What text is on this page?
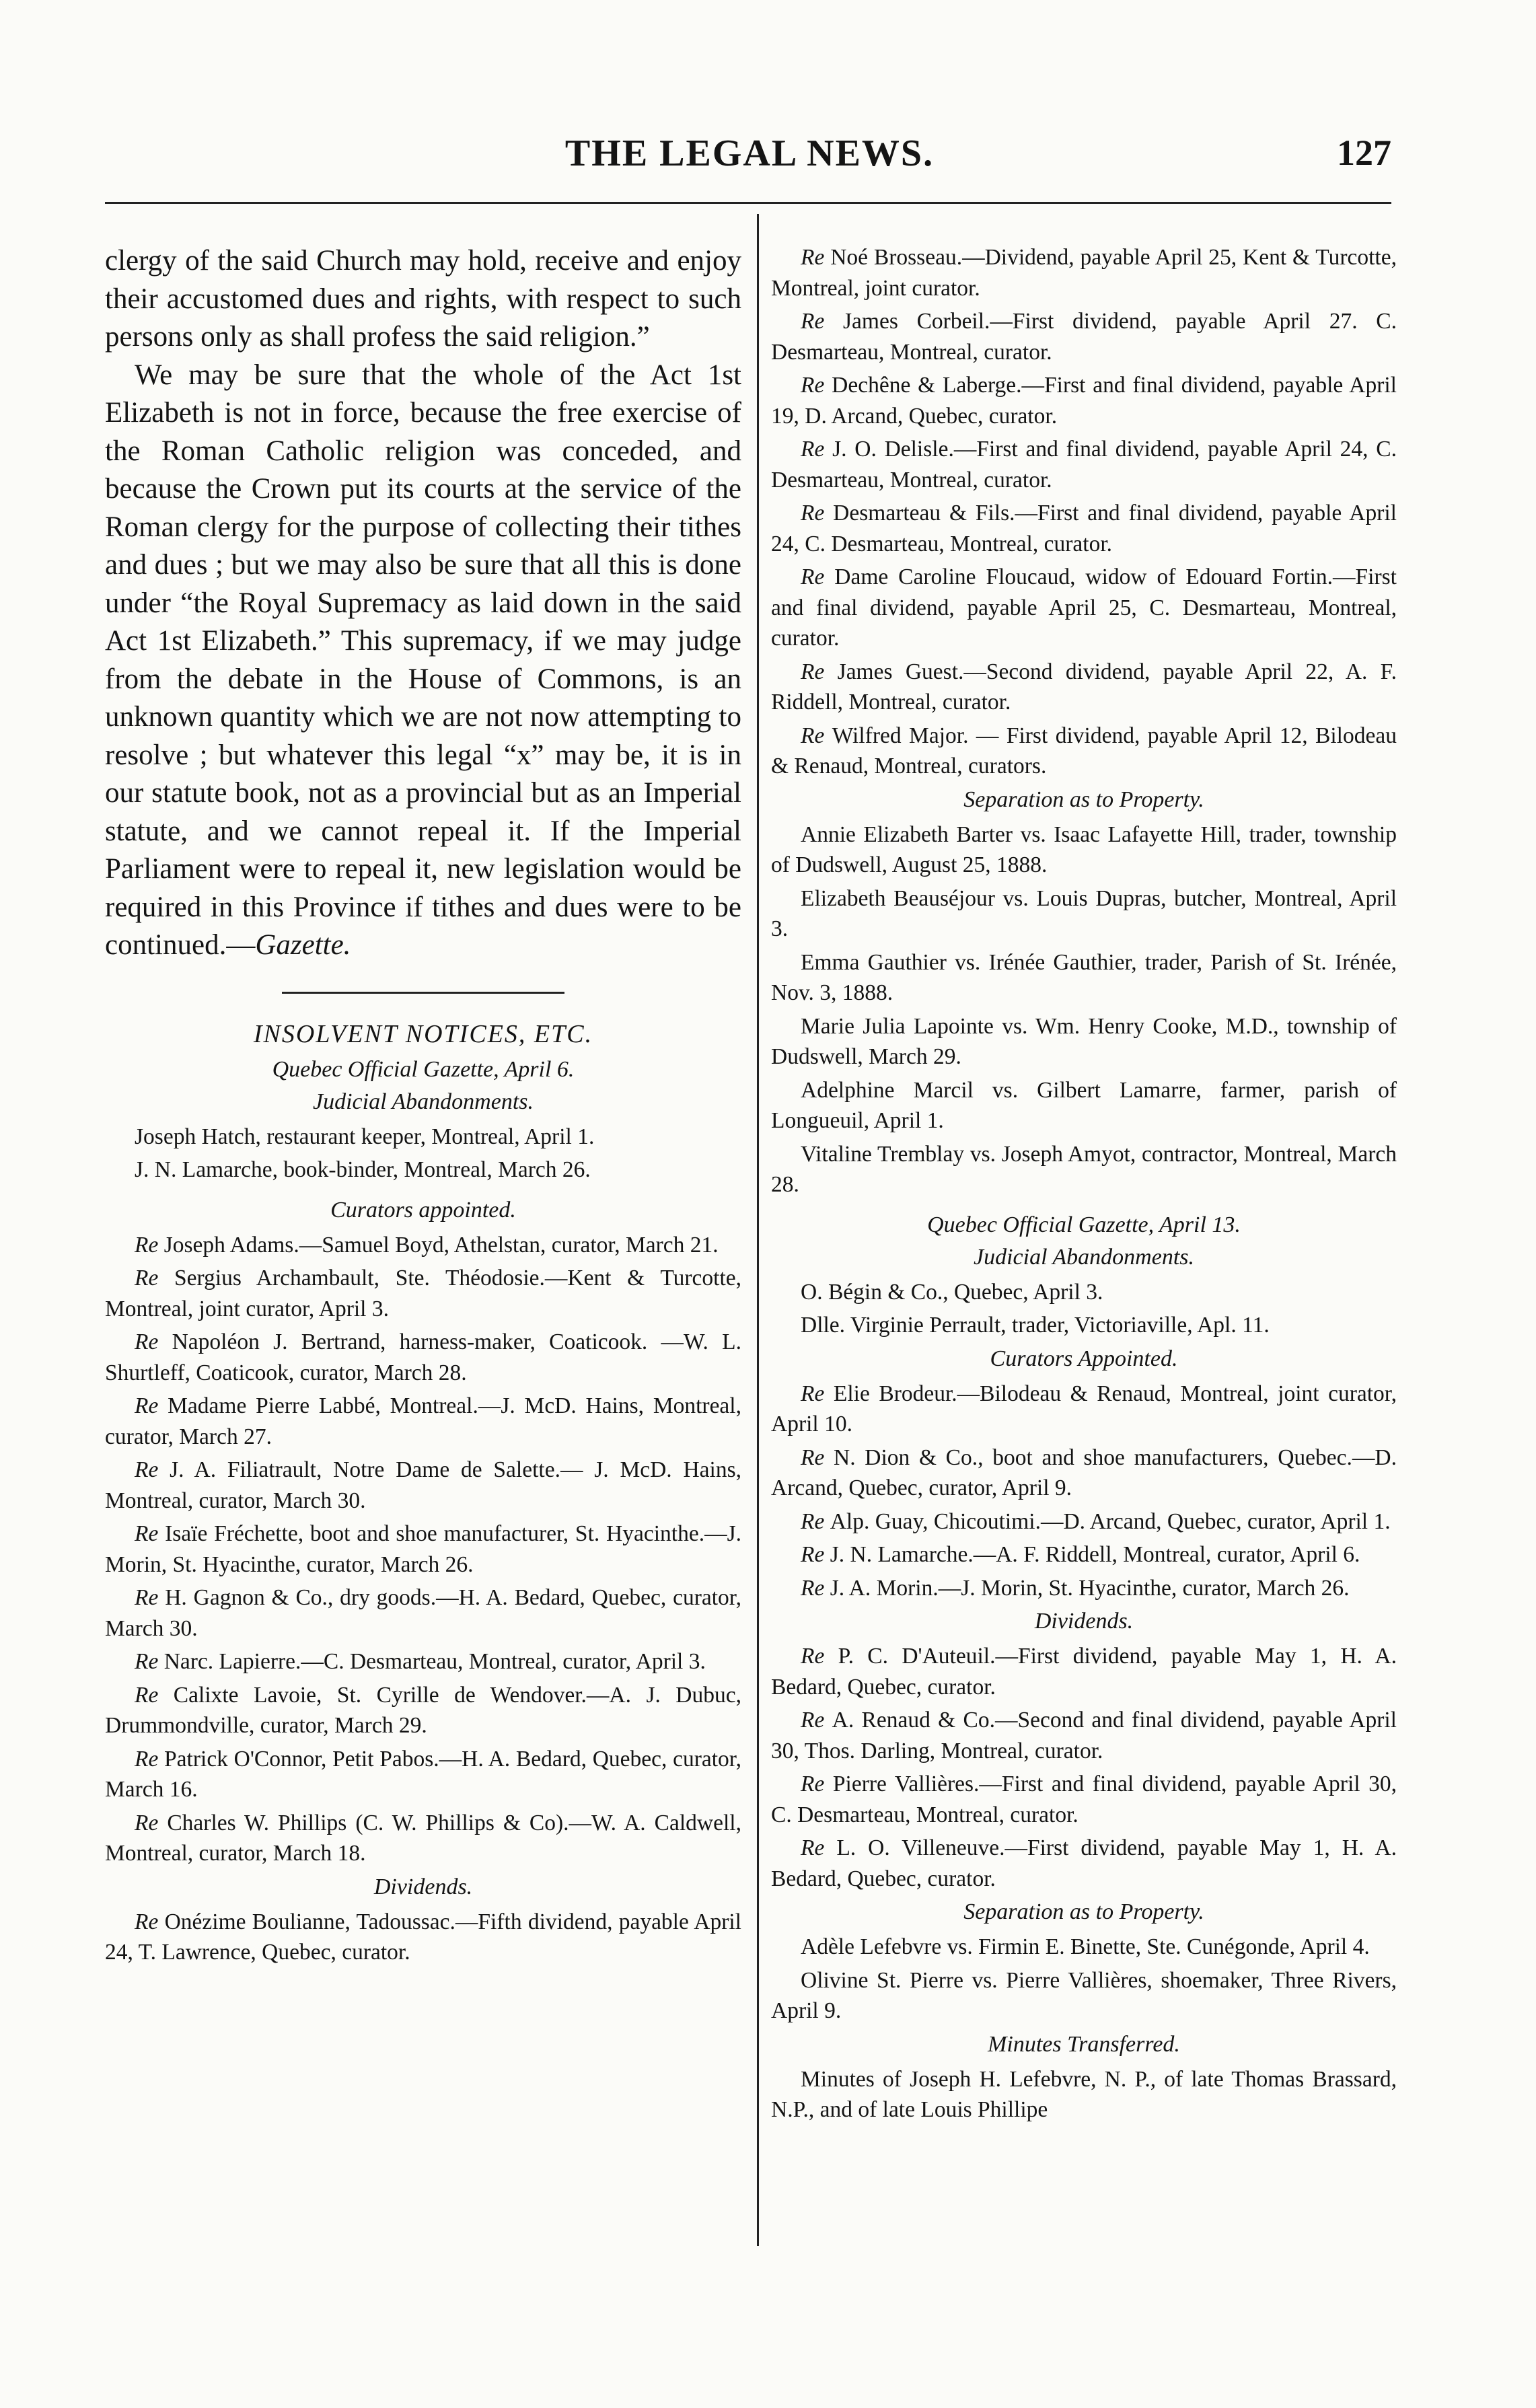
THE LEGAL NEWS.	127

clergy of the said Church may hold, receive and enjoy their accustomed dues and rights, with respect to such persons only as shall profess the said religion.”

We may be sure that the whole of the Act 1st Elizabeth is not in force, because the free exercise of the Roman Catholic religion was conceded, and because the Crown put its courts at the service of the Roman clergy for the purpose of collecting their tithes and dues ; but we may also be sure that all this is done under “the Royal Supremacy as laid down in the said Act 1st Elizabeth.” This supremacy, if we may judge from the debate in the House of Commons, is an unknown quantity which we are not now attempting to resolve ; but whatever this legal “x” may be, it is in our statute book, not as a provincial but as an Imperial statute, and we cannot repeal it. If the Imperial Parliament were to repeal it, new legislation would be required in this Province if tithes and dues were to be continued.—Gazette.

INSOLVENT NOTICES, ETC.
Quebec Official Gazette, April 6.
Judicial Abandonments.

Joseph Hatch, restaurant keeper, Montreal, April 1.

J. N. Lamarche, book-binder, Montreal, March 26.

Curators appointed.

Re Joseph Adams.—Samuel Boyd, Athelstan, curator, March 21.

Re Sergius Archambault, Ste. Théodosie.—Kent & Turcotte, Montreal, joint curator, April 3.

Re Napoléon J. Bertrand, harness-maker, Coaticook. —W. L. Shurtleff, Coaticook, curator, March 28.

Re Madame Pierre Labbé, Montreal.—J. McD. Hains, Montreal, curator, March 27.

Re J. A. Filiatrault, Notre Dame de Salette.— J. McD. Hains, Montreal, curator, March 30.

Re Isaïe Fréchette, boot and shoe manufacturer, St. Hyacinthe.—J. Morin, St. Hyacinthe, curator, March 26.

Re H. Gagnon & Co., dry goods.—H. A. Bedard, Quebec, curator, March 30.

Re Narc. Lapierre.—C. Desmarteau, Montreal, curator, April 3.

Re Calixte Lavoie, St. Cyrille de Wendover.—A. J. Dubuc, Drummondville, curator, March 29.

Re Patrick O'Connor, Petit Pabos.—H. A. Bedard, Quebec, curator, March 16.

Re Charles W. Phillips (C. W. Phillips & Co).—W. A. Caldwell, Montreal, curator, March 18.

Dividends.

Re Onézime Boulianne, Tadoussac.—Fifth dividend, payable April 24, T. Lawrence, Quebec, curator.

Re Noé Brosseau.—Dividend, payable April 25, Kent & Turcotte, Montreal, joint curator.

Re James Corbeil.—First dividend, payable April 27. C. Desmarteau, Montreal, curator.

Re Dechêne & Laberge.—First and final dividend, payable April 19, D. Arcand, Quebec, curator.

Re J. O. Delisle.—First and final dividend, payable April 24, C. Desmarteau, Montreal, curator.

Re Desmarteau & Fils.—First and final dividend, payable April 24, C. Desmarteau, Montreal, curator.

Re Dame Caroline Floucaud, widow of Edouard Fortin.—First and final dividend, payable April 25, C. Desmarteau, Montreal, curator.

Re James Guest.—Second dividend, payable April 22, A. F. Riddell, Montreal, curator.

Re Wilfred Major. — First dividend, payable April 12, Bilodeau & Renaud, Montreal, curators.

Separation as to Property.

Annie Elizabeth Barter vs. Isaac Lafayette Hill, trader, township of Dudswell, August 25, 1888.

Elizabeth Beauséjour vs. Louis Dupras, butcher, Montreal, April 3.

Emma Gauthier vs. Irénée Gauthier, trader, Parish of St. Irénée, Nov. 3, 1888.

Marie Julia Lapointe vs. Wm. Henry Cooke, M.D., township of Dudswell, March 29.

Adelphine Marcil vs. Gilbert Lamarre, farmer, parish of Longueuil, April 1.

Vitaline Tremblay vs. Joseph Amyot, contractor, Montreal, March 28.

Quebec Official Gazette, April 13.
Judicial Abandonments.

O. Bégin & Co., Quebec, April 3.

Dlle. Virginie Perrault, trader, Victoriaville, Apl. 11.

Curators Appointed.

Re Elie Brodeur.—Bilodeau & Renaud, Montreal, joint curator, April 10.

Re N. Dion & Co., boot and shoe manufacturers, Quebec.—D. Arcand, Quebec, curator, April 9.

Re Alp. Guay, Chicoutimi.—D. Arcand, Quebec, curator, April 1.

Re J. N. Lamarche.—A. F. Riddell, Montreal, curator, April 6.

Re J. A. Morin.—J. Morin, St. Hyacinthe, curator, March 26.

Dividends.

Re P. C. D'Auteuil.—First dividend, payable May 1, H. A. Bedard, Quebec, curator.

Re A. Renaud & Co.—Second and final dividend, payable April 30, Thos. Darling, Montreal, curator.

Re Pierre Vallières.—First and final dividend, payable April 30, C. Desmarteau, Montreal, curator.

Re L. O. Villeneuve.—First dividend, payable May 1, H. A. Bedard, Quebec, curator.

Separation as to Property.

Adèle Lefebvre vs. Firmin E. Binette, Ste. Cunégonde, April 4.

Olivine St. Pierre vs. Pierre Vallières, shoemaker, Three Rivers, April 9.

Minutes Transferred.

Minutes of Joseph H. Lefebvre, N. P., of late Thomas Brassard, N.P., and of late Louis Phillipe
